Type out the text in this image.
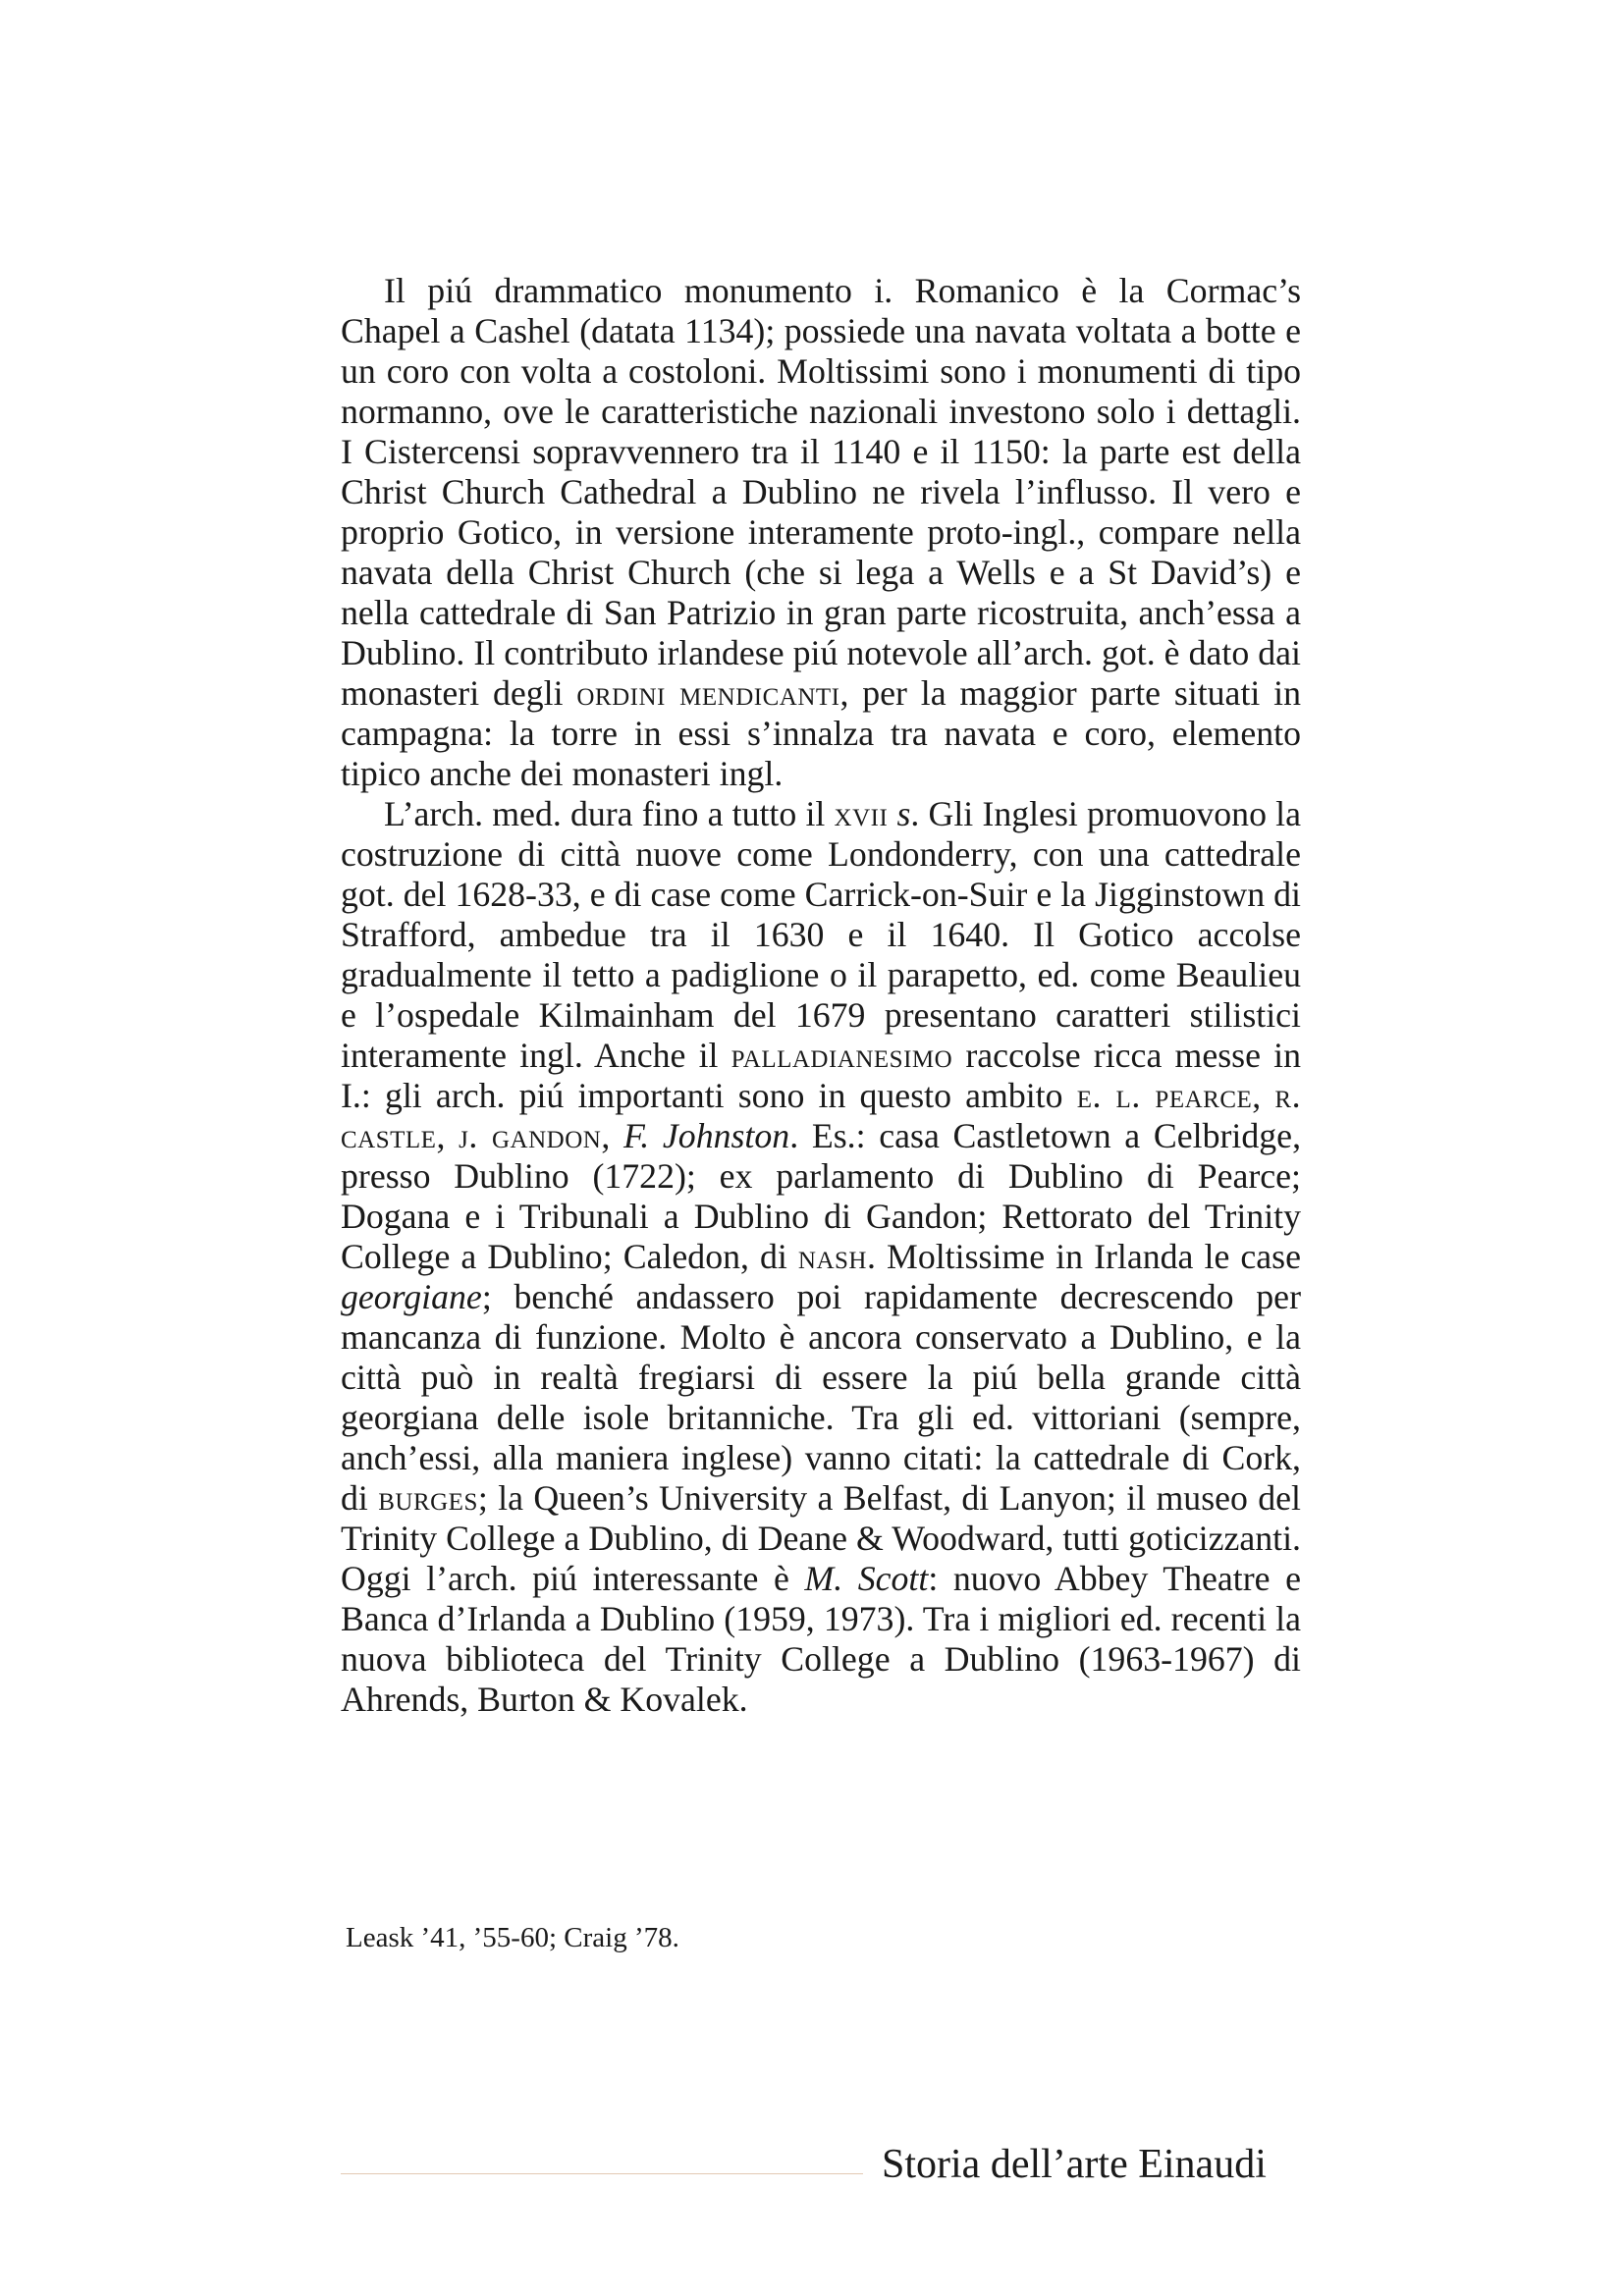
Il piú drammatico monumento i. Romanico è la Cormac’s Chapel a Cashel (datata 1134); possiede una navata voltata a botte e un coro con volta a costoloni. Moltissimi sono i monumenti di tipo normanno, ove le caratteristiche nazionali investono solo i dettagli. I Cistercensi sopravvennero tra il 1140 e il 1150: la parte est della Christ Church Cathedral a Dublino ne rivela l’influsso. Il vero e proprio Gotico, in versione interamente proto-ingl., compare nella navata della Christ Church (che si lega a Wells e a St David’s) e nella cattedrale di San Patrizio in gran parte ricostruita, anch’essa a Dublino. Il contributo irlandese piú notevole all’arch. got. è dato dai monasteri degli ordini mendicanti, per la maggior parte situati in campagna: la torre in essi s’innalza tra navata e coro, elemento tipico anche dei monasteri ingl.

L’arch. med. dura fino a tutto il xvii s. Gli Inglesi promuovono la costruzione di città nuove come Londonderry, con una cattedrale got. del 1628-33, e di case come Carrick-on-Suir e la Jigginstown di Strafford, ambedue tra il 1630 e il 1640. Il Gotico accolse gradualmente il tetto a padiglione o il parapetto, ed. come Beaulieu e l’ospedale Kilmainham del 1679 presentano caratteri stilistici interamente ingl. Anche il palladianesimo raccolse ricca messe in I.: gli arch. piú importanti sono in questo ambito e. l. pearce, r. castle, j. gandon, F. Johnston. Es.: casa Castletown a Celbridge, presso Dublino (1722); ex parlamento di Dublino di Pearce; Dogana e i Tribunali a Dublino di Gandon; Rettorato del Trinity College a Dublino; Caledon, di nash. Moltissime in Irlanda le case georgiane; benché andassero poi rapidamente decrescendo per mancanza di funzione. Molto è ancora conservato a Dublino, e la città può in realtà fregiarsi di essere la piú bella grande città georgiana delle isole britanniche. Tra gli ed. vittoriani (sempre, anch’essi, alla maniera inglese) vanno citati: la cattedrale di Cork, di burges; la Queen’s University a Belfast, di Lanyon; il museo del Trinity College a Dublino, di Deane & Woodward, tutti goticizzanti. Oggi l’arch. piú interessante è M. Scott: nuovo Abbey Theatre e Banca d’Irlanda a Dublino (1959, 1973). Tra i migliori ed. recenti la nuova biblioteca del Trinity College a Dublino (1963-1967) di Ahrends, Burton & Kovalek.

Leask ’41, ’55-60; Craig ’78.
Storia dell’arte Einaudi
